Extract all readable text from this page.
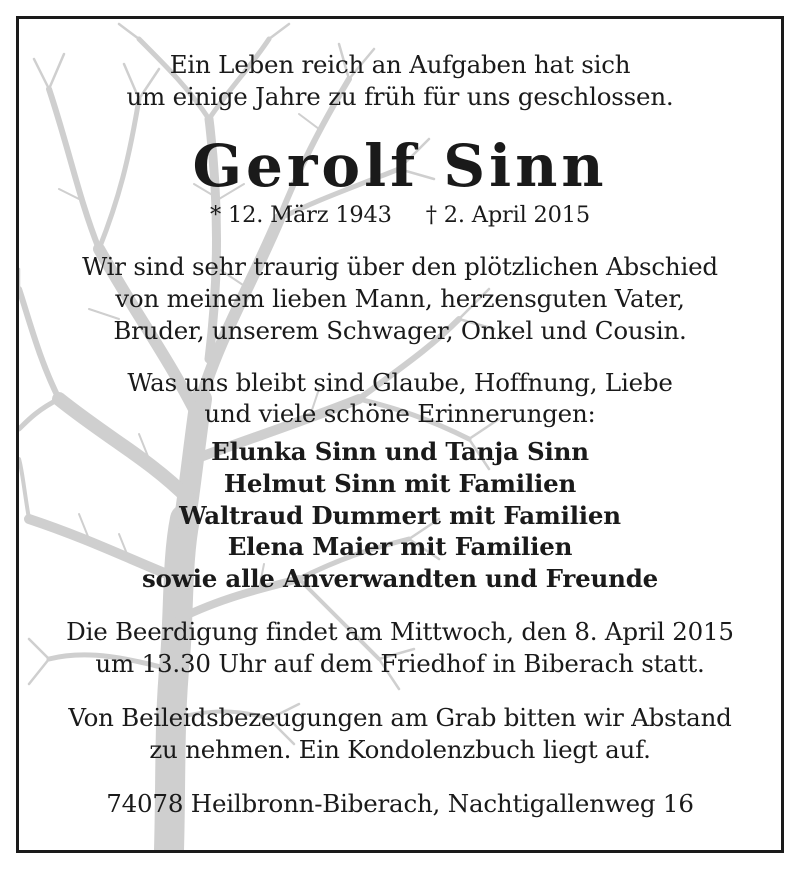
Ein Leben reich an Aufgaben hat sich
um einige Jahre zu früh für uns geschlossen.
Gerolf Sinn
* 12. März 1943 † 2. April 2015
Wir sind sehr traurig über den plötzlichen Abschied
von meinem lieben Mann, herzensguten Vater,
Bruder, unserem Schwager, Onkel und Cousin.
Was uns bleibt sind Glaube, Hoffnung, Liebe
und viele schöne Erinnerungen:
Elunka Sinn und Tanja Sinn
Helmut Sinn mit Familien
Waltraud Dummert mit Familien
Elena Maier mit Familien
sowie alle Anverwandten und Freunde
Die Beerdigung findet am Mittwoch, den 8. April 2015
um 13.30 Uhr auf dem Friedhof in Biberach statt.
Von Beileidsbezeugungen am Grab bitten wir Abstand
zu nehmen. Ein Kondolenzbuch liegt auf.
74078 Heilbronn-Biberach, Nachtigallenweg 16
